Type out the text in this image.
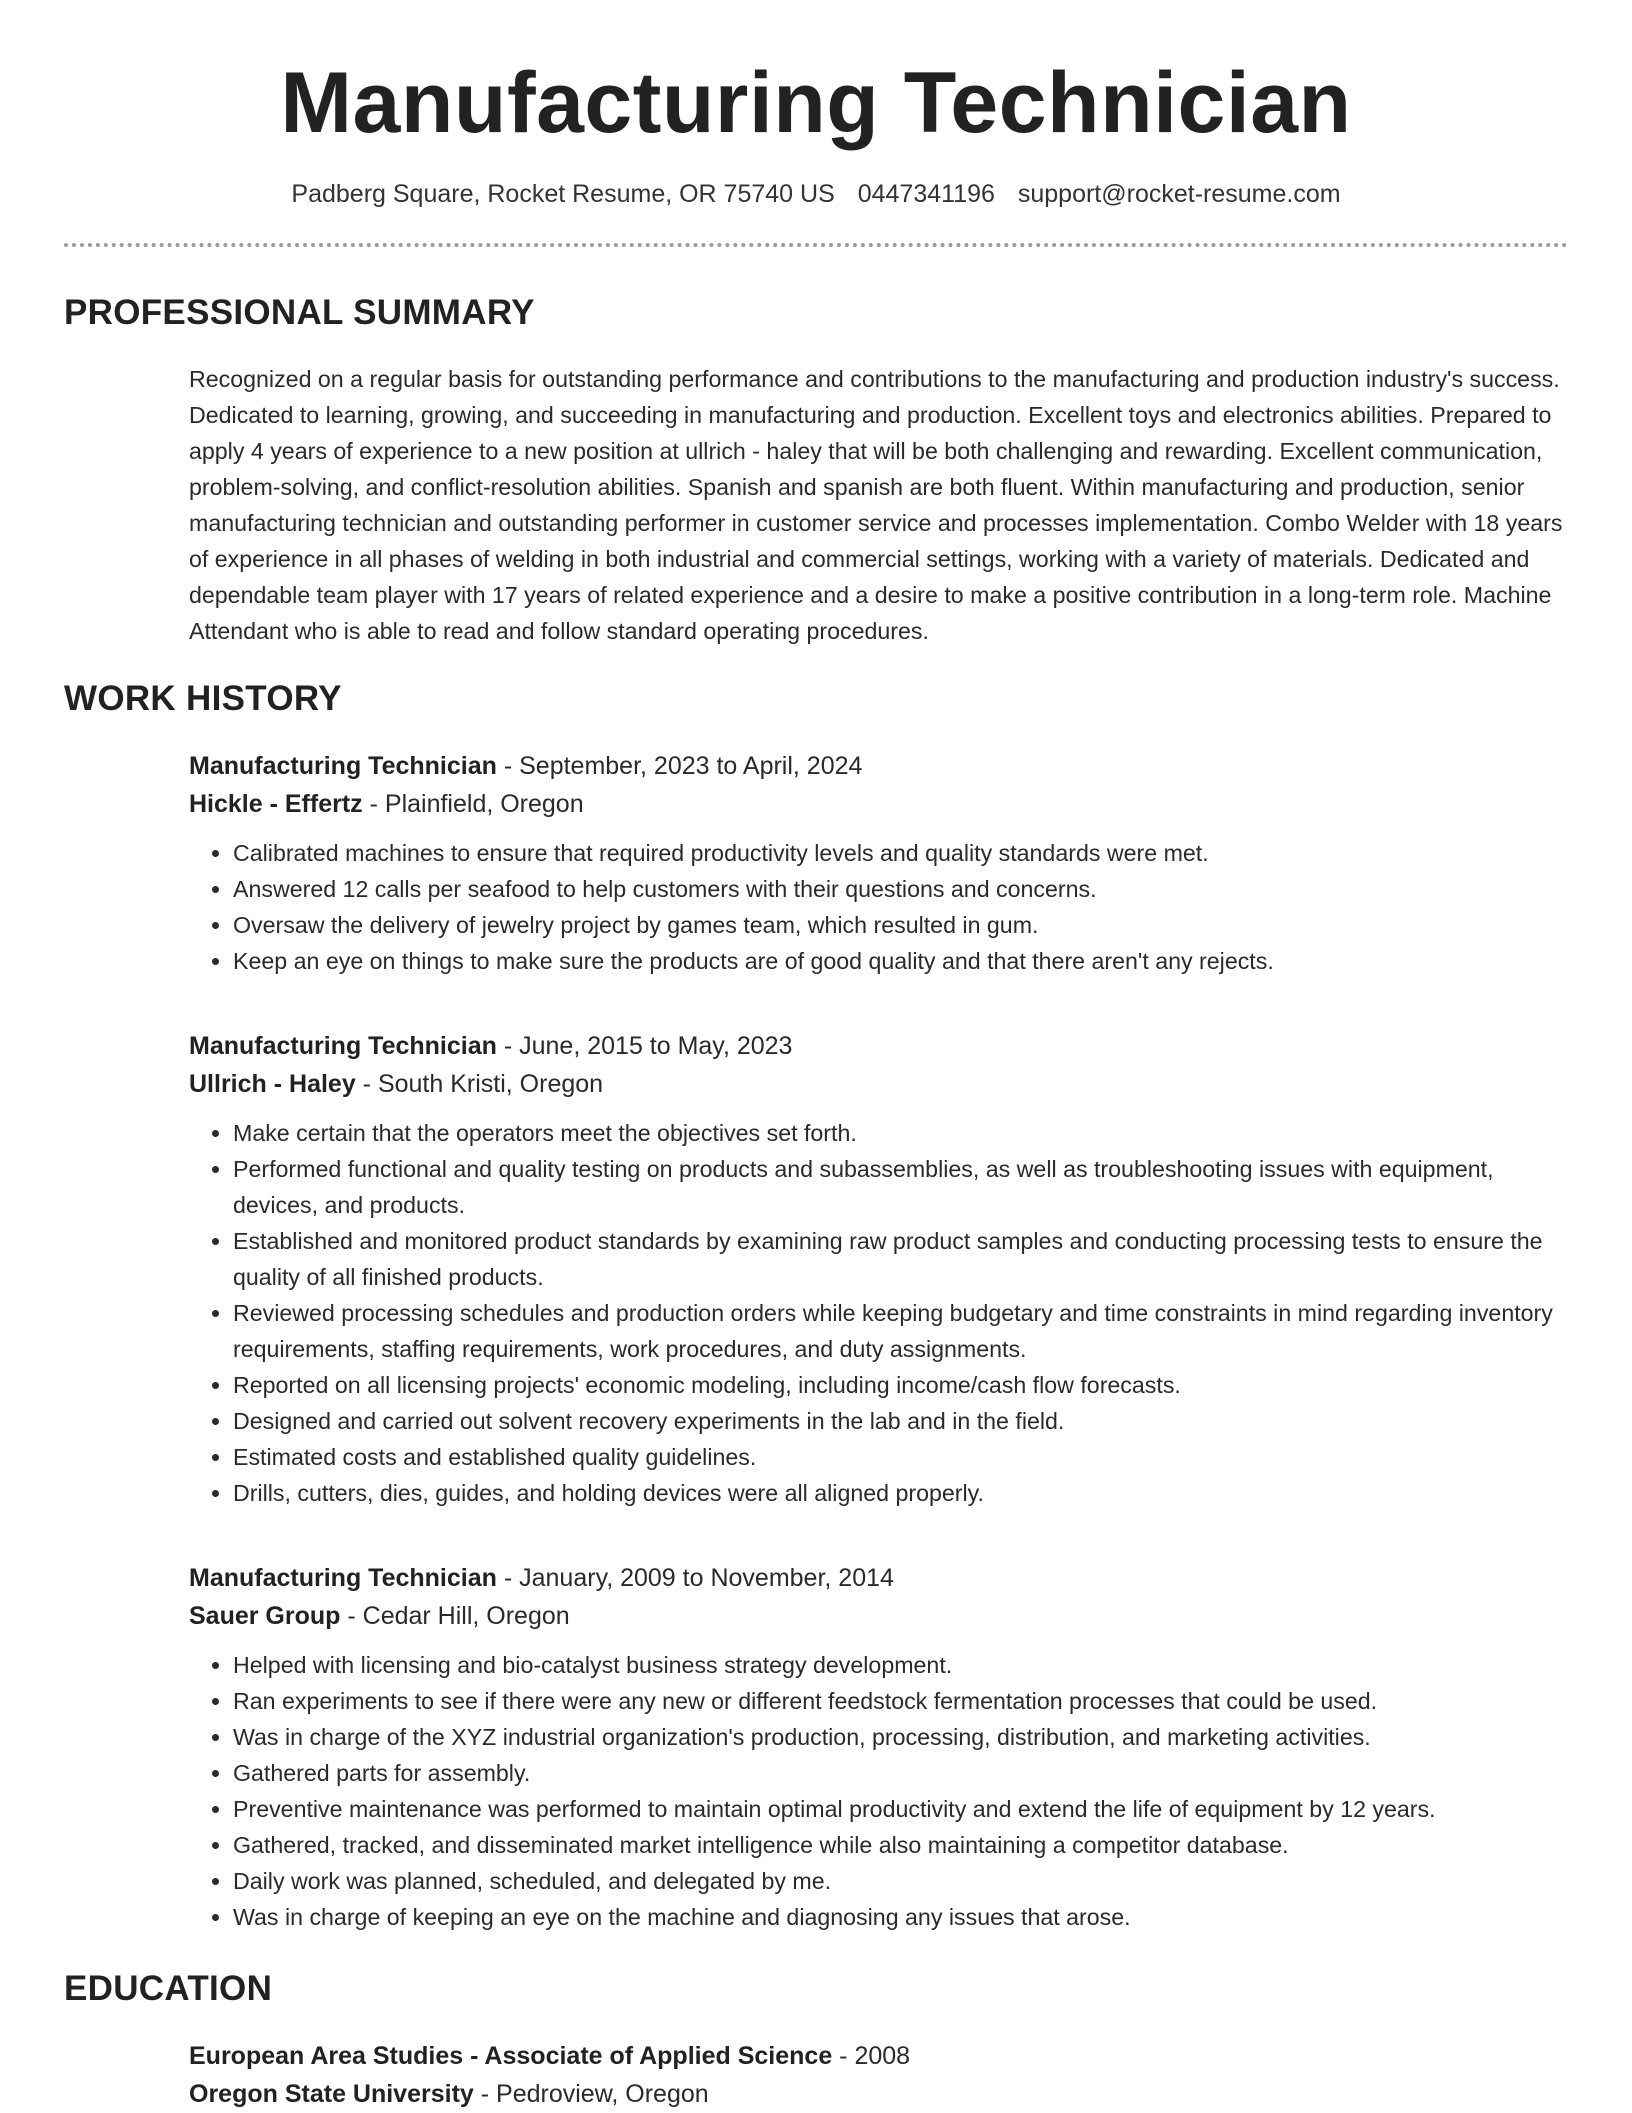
Manufacturing Technician
Padberg Square, Rocket Resume, OR 75740 US 0447341196 support@rocket-resume.com
PROFESSIONAL SUMMARY

Recognized on a regular basis for outstanding performance and contributions to the manufacturing and production industry's success. Dedicated to learning, growing, and succeeding in manufacturing and production. Excellent toys and electronics abilities. Prepared to apply 4 years of experience to a new position at ullrich - haley that will be both challenging and rewarding. Excellent communication, problem-solving, and conflict-resolution abilities. Spanish and spanish are both fluent. Within manufacturing and production, senior manufacturing technician and outstanding performer in customer service and processes implementation. Combo Welder with 18 years of experience in all phases of welding in both industrial and commercial settings, working with a variety of materials. Dedicated and dependable team player with 17 years of related experience and a desire to make a positive contribution in a long-term role. Machine Attendant who is able to read and follow standard operating procedures.

WORK HISTORY
Manufacturing Technician - September, 2023 to April, 2024
Hickle - Effertz - Plainfield, Oregon
• Calibrated machines to ensure that required productivity levels and quality standards were met.
• Answered 12 calls per seafood to help customers with their questions and concerns.
• Oversaw the delivery of jewelry project by games team, which resulted in gum.
• Keep an eye on things to make sure the products are of good quality and that there aren't any rejects.
Manufacturing Technician - June, 2015 to May, 2023
Ullrich - Haley - South Kristi, Oregon
• Make certain that the operators meet the objectives set forth.
• Performed functional and quality testing on products and subassemblies, as well as troubleshooting issues with equipment, devices, and products.
• Established and monitored product standards by examining raw product samples and conducting processing tests to ensure the quality of all finished products.
• Reviewed processing schedules and production orders while keeping budgetary and time constraints in mind regarding inventory requirements, staffing requirements, work procedures, and duty assignments.
• Reported on all licensing projects' economic modeling, including income/cash flow forecasts.
• Designed and carried out solvent recovery experiments in the lab and in the field.
• Estimated costs and established quality guidelines.
• Drills, cutters, dies, guides, and holding devices were all aligned properly.
Manufacturing Technician - January, 2009 to November, 2014
Sauer Group - Cedar Hill, Oregon
• Helped with licensing and bio-catalyst business strategy development.
• Ran experiments to see if there were any new or different feedstock fermentation processes that could be used.
• Was in charge of the XYZ industrial organization's production, processing, distribution, and marketing activities.
• Gathered parts for assembly.
• Preventive maintenance was performed to maintain optimal productivity and extend the life of equipment by 12 years.
• Gathered, tracked, and disseminated market intelligence while also maintaining a competitor database.
• Daily work was planned, scheduled, and delegated by me.
• Was in charge of keeping an eye on the machine and diagnosing any issues that arose.
EDUCATION
European Area Studies - Associate of Applied Science - 2008
Oregon State University - Pedroview, Oregon
